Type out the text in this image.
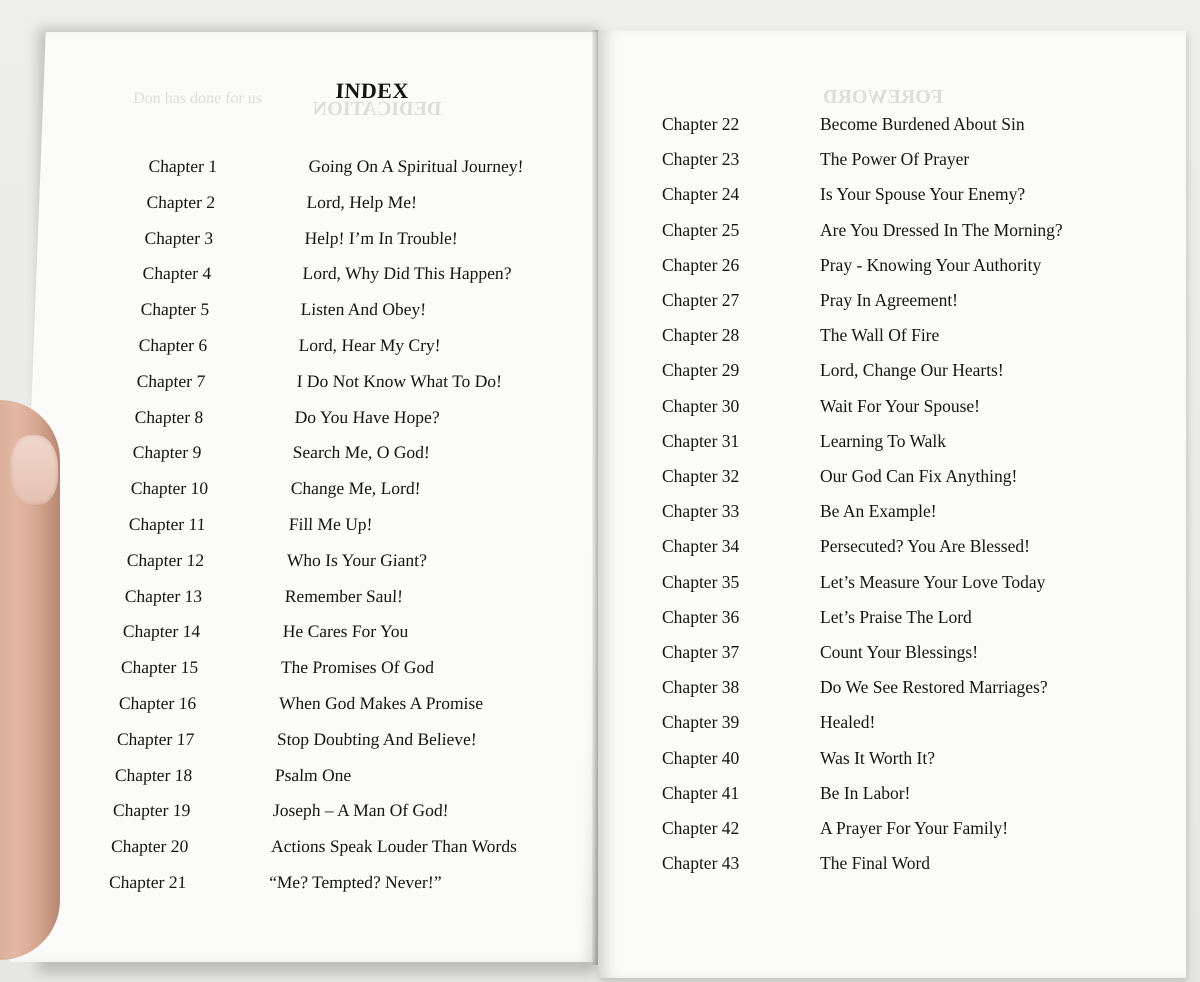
Don has done for us DEDICATION
INDEX
Chapter 1	Going On A Spiritual Journey!
Chapter 2	Lord, Help Me!
Chapter 3	Help! I’m In Trouble!
Chapter 4	Lord, Why Did This Happen?
Chapter 5	Listen And Obey!
Chapter 6	Lord, Hear My Cry!
Chapter 7	I Do Not Know What To Do!
Chapter 8	Do You Have Hope?
Chapter 9	Search Me, O God!
Chapter 10	Change Me, Lord!
Chapter 11	Fill Me Up!
Chapter 12	Who Is Your Giant?
Chapter 13	Remember Saul!
Chapter 14	He Cares For You
Chapter 15	The Promises Of God
Chapter 16	When God Makes A Promise
Chapter 17	Stop Doubting And Believe!
Chapter 18	Psalm One
Chapter 19	Joseph – A Man Of God!
Chapter 20	Actions Speak Louder Than Words
Chapter 21	“Me? Tempted? Never!”
FOREWORD
Chapter 22	Become Burdened About Sin
Chapter 23	The Power Of Prayer
Chapter 24	Is Your Spouse Your Enemy?
Chapter 25	Are You Dressed In The Morning?
Chapter 26	Pray - Knowing Your Authority
Chapter 27	Pray In Agreement!
Chapter 28	The Wall Of Fire
Chapter 29	Lord, Change Our Hearts!
Chapter 30	Wait For Your Spouse!
Chapter 31	Learning To Walk
Chapter 32	Our God Can Fix Anything!
Chapter 33	Be An Example!
Chapter 34	Persecuted? You Are Blessed!
Chapter 35	Let’s Measure Your Love Today
Chapter 36	Let’s Praise The Lord
Chapter 37	Count Your Blessings!
Chapter 38	Do We See Restored Marriages?
Chapter 39	Healed!
Chapter 40	Was It Worth It?
Chapter 41	Be In Labor!
Chapter 42	A Prayer For Your Family!
Chapter 43	The Final Word
